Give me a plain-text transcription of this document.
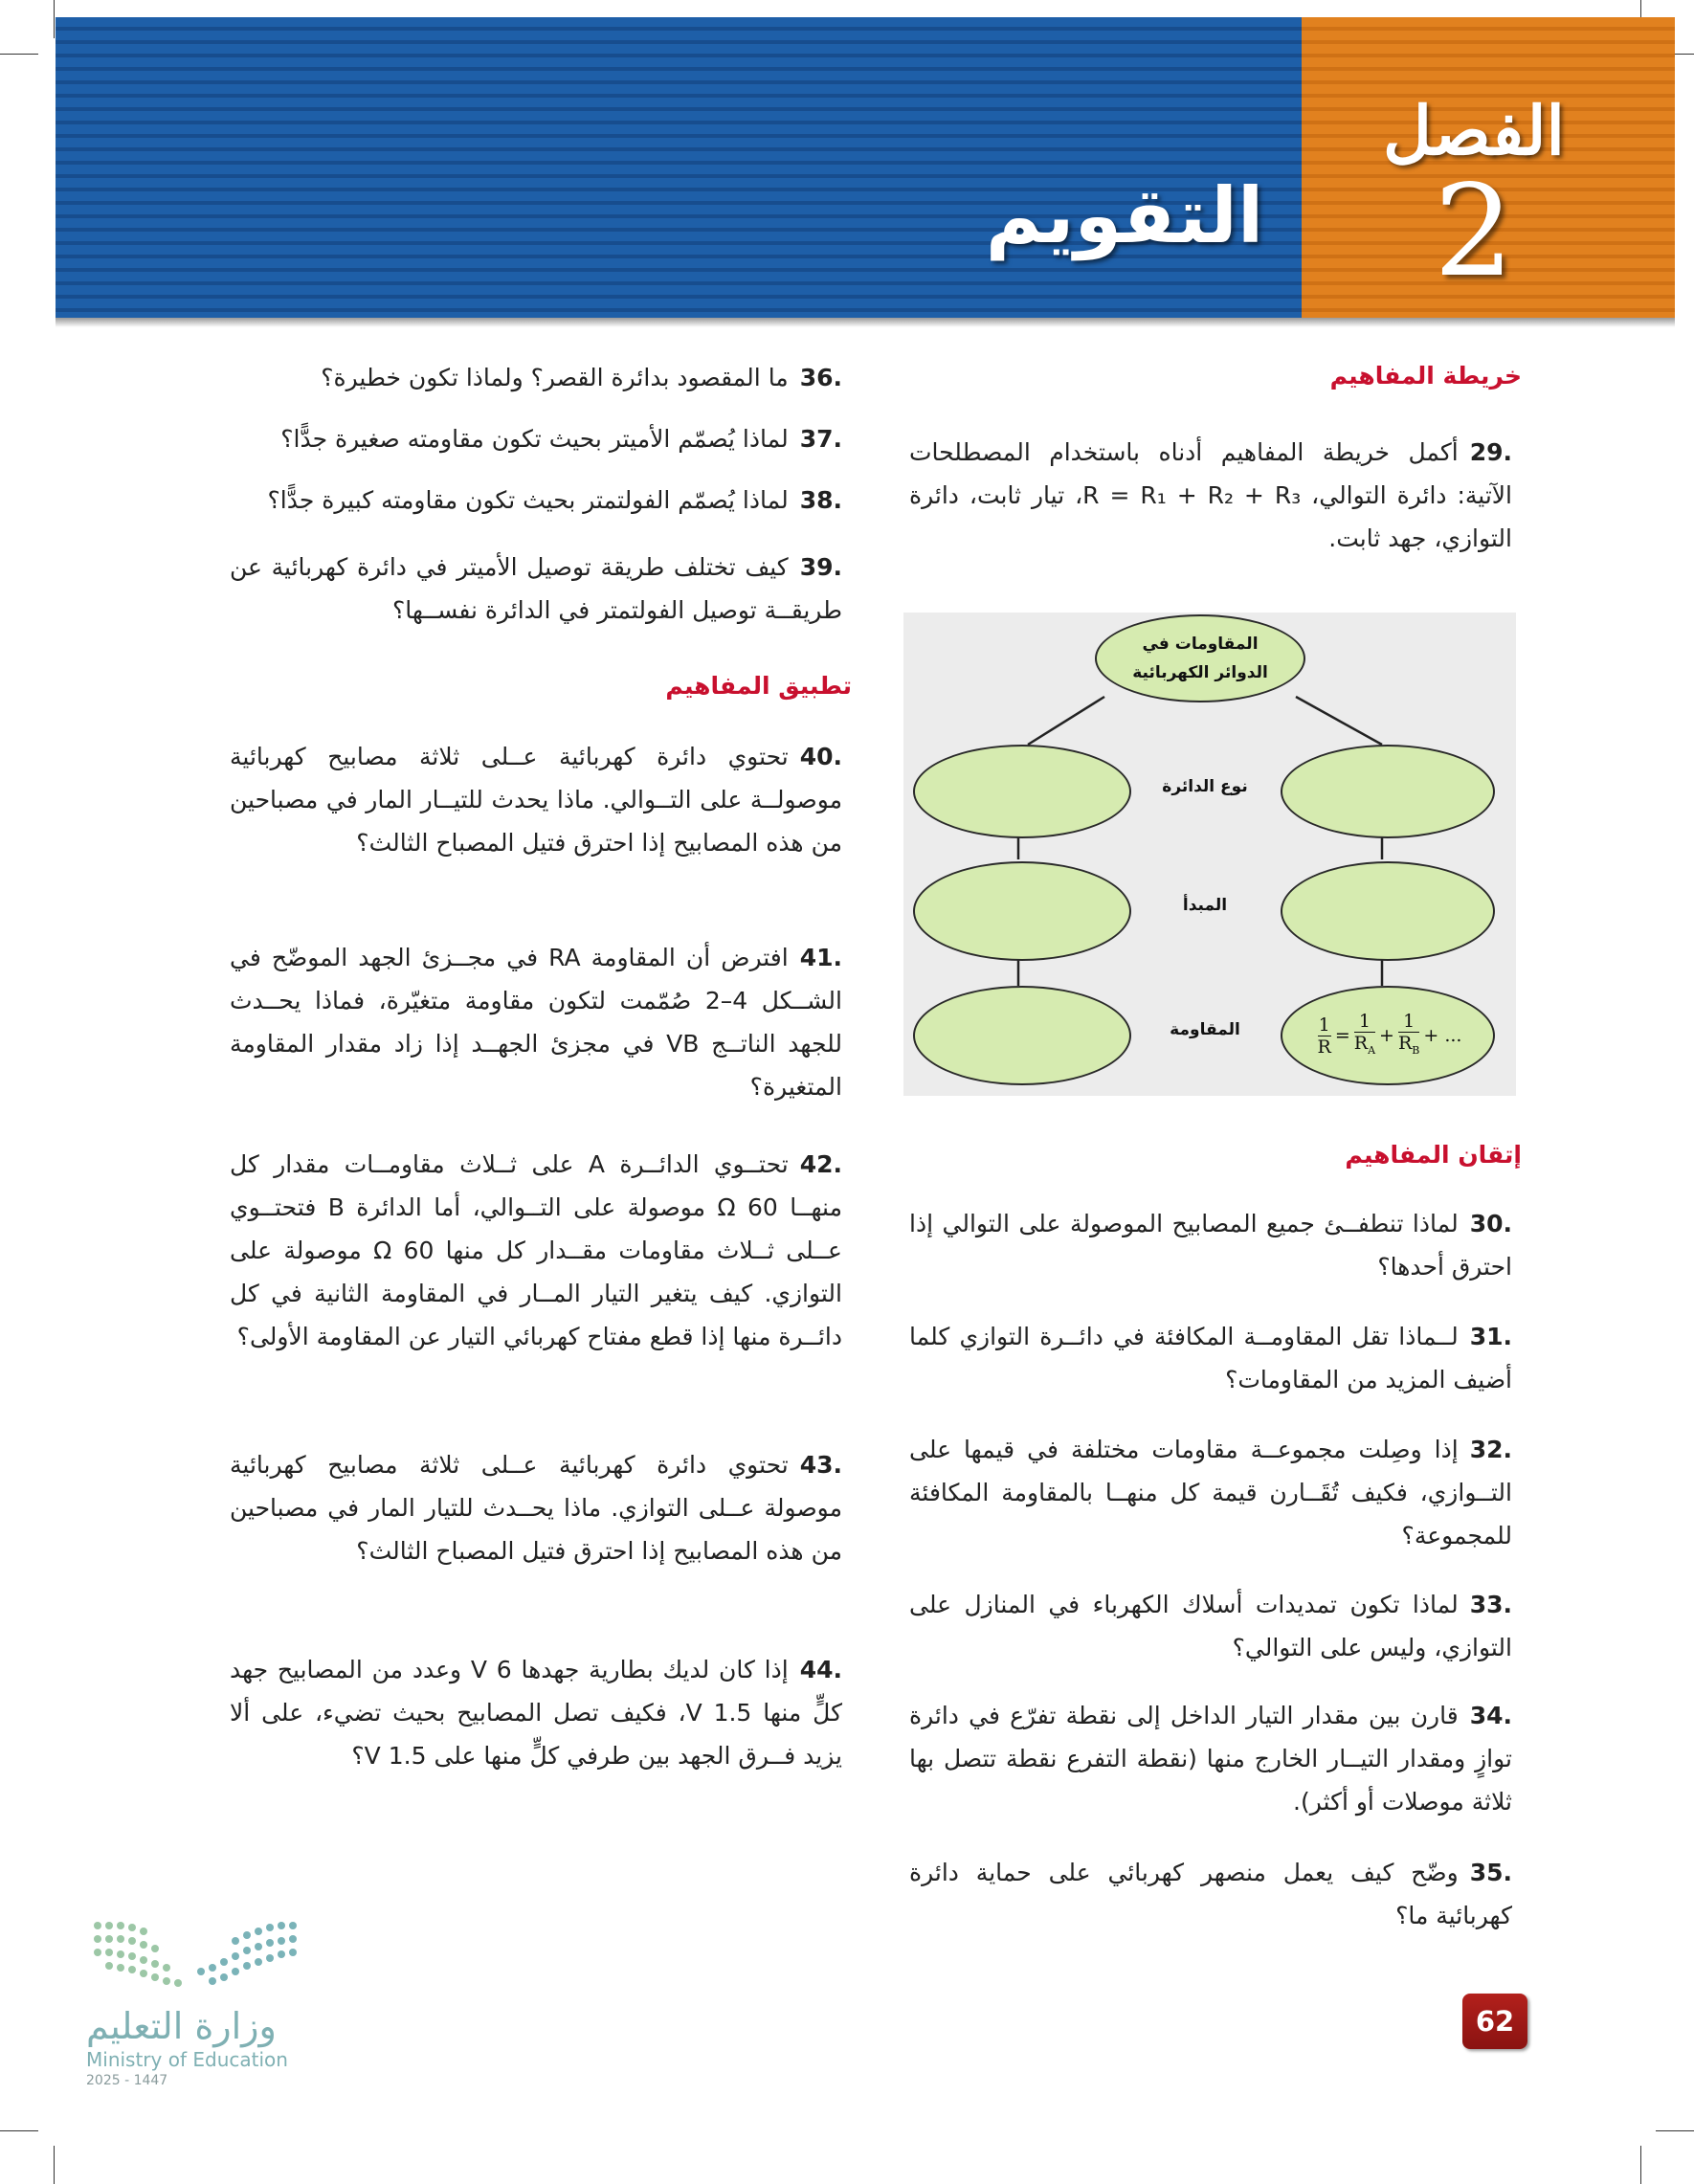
الفصل
2
التقويم
خريطة المفاهيم
.29أكمل خريطة المفاهيم أدناه باستخدام المصطلحات الآتية: دائرة التوالي، R = R₁ + R₂ + R₃، تيار ثابت، دائرة التوازي، جهد ثابت.
المقاومات في
الدوائر الكهربائية
$\frac{1}{R} = \frac{1}{R_A} + \frac{1}{R_B}$ + ...
نوع الدائرة
المبدأ
المقاومة
إتقان المفاهيم
.30لماذا تنطفــئ جميع المصابيح الموصولة على التوالي إذا احترق أحدها؟
.31لــماذا تقل المقاومــة المكافئة في دائــرة التوازي كلما أضيف المزيد من المقاومات؟
.32إذا وصِلت مجموعــة مقاومات مختلفة في قيمها على التــوازي، فكيف تُقَــارن قيمة كل منهــا بالمقاومة المكافئة للمجموعة؟
.33لماذا تكون تمديدات أسلاك الكهرباء في المنازل على التوازي، وليس على التوالي؟
.34قارن بين مقدار التيار الداخل إلى نقطة تفرّع في دائرة توازٍ ومقدار التيــار الخارج منها (نقطة التفرع نقطة تتصل بها ثلاثة موصلات أو أكثر).
.35وضّح كيف يعمل منصهر كهربائي على حماية دائرة كهربائية ما؟
.36ما المقصود بدائرة القصر؟ ولماذا تكون خطيرة؟
.37لماذا يُصمّم الأميتر بحيث تكون مقاومته صغيرة جدًّا؟
.38لماذا يُصمّم الفولتمتر بحيث تكون مقاومته كبيرة جدًّا؟
.39كيف تختلف طريقة توصيل الأميتر في دائرة كهربائية عن طريقــة توصيل الفولتمتر في الدائرة نفســها؟
تطبيق المفاهيم
.40تحتوي دائرة كهربائية عــلى ثلاثة مصابيح كهربائية موصولــة على التــوالي. ماذا يحدث للتيــار المار في مصباحين من هذه المصابيح إذا احترق فتيل المصباح الثالث؟
.41افترض أن المقاومة RA في مجــزئ الجهد الموضّح في الشــكل 4–2 صُمّمت لتكون مقاومة متغيّرة، فماذا يحــدث للجهد الناتــج VB في مجزئ الجهــد إذا زاد مقدار المقاومة المتغيرة؟
.42تحتــوي الدائــرة A على ثــلاث مقاومــات مقدار كل منهــا Ω 60 موصولة على التــوالي، أما الدائرة B فتحتــوي عــلى ثــلاث مقاومات مقــدار كل منها Ω 60 موصولة على التوازي. كيف يتغير التيار المــار في المقاومة الثانية في كل دائــرة منها إذا قطع مفتاح كهربائي التيار عن المقاومة الأولى؟
.43تحتوي دائرة كهربائية عــلى ثلاثة مصابيح كهربائية موصولة عــلى التوازي. ماذا يحــدث للتيار المار في مصباحين من هذه المصابيح إذا احترق فتيل المصباح الثالث؟
.44إذا كان لديك بطارية جهدها 6 V وعدد من المصابيح جهد كلٍّ منها 1.5 V، فكيف تصل المصابيح بحيث تضيء، على ألا يزيد فــرق الجهد بين طرفي كلٍّ منها على 1.5 V؟
62
وزارة التعليم
Ministry of Education
2025 - 1447
